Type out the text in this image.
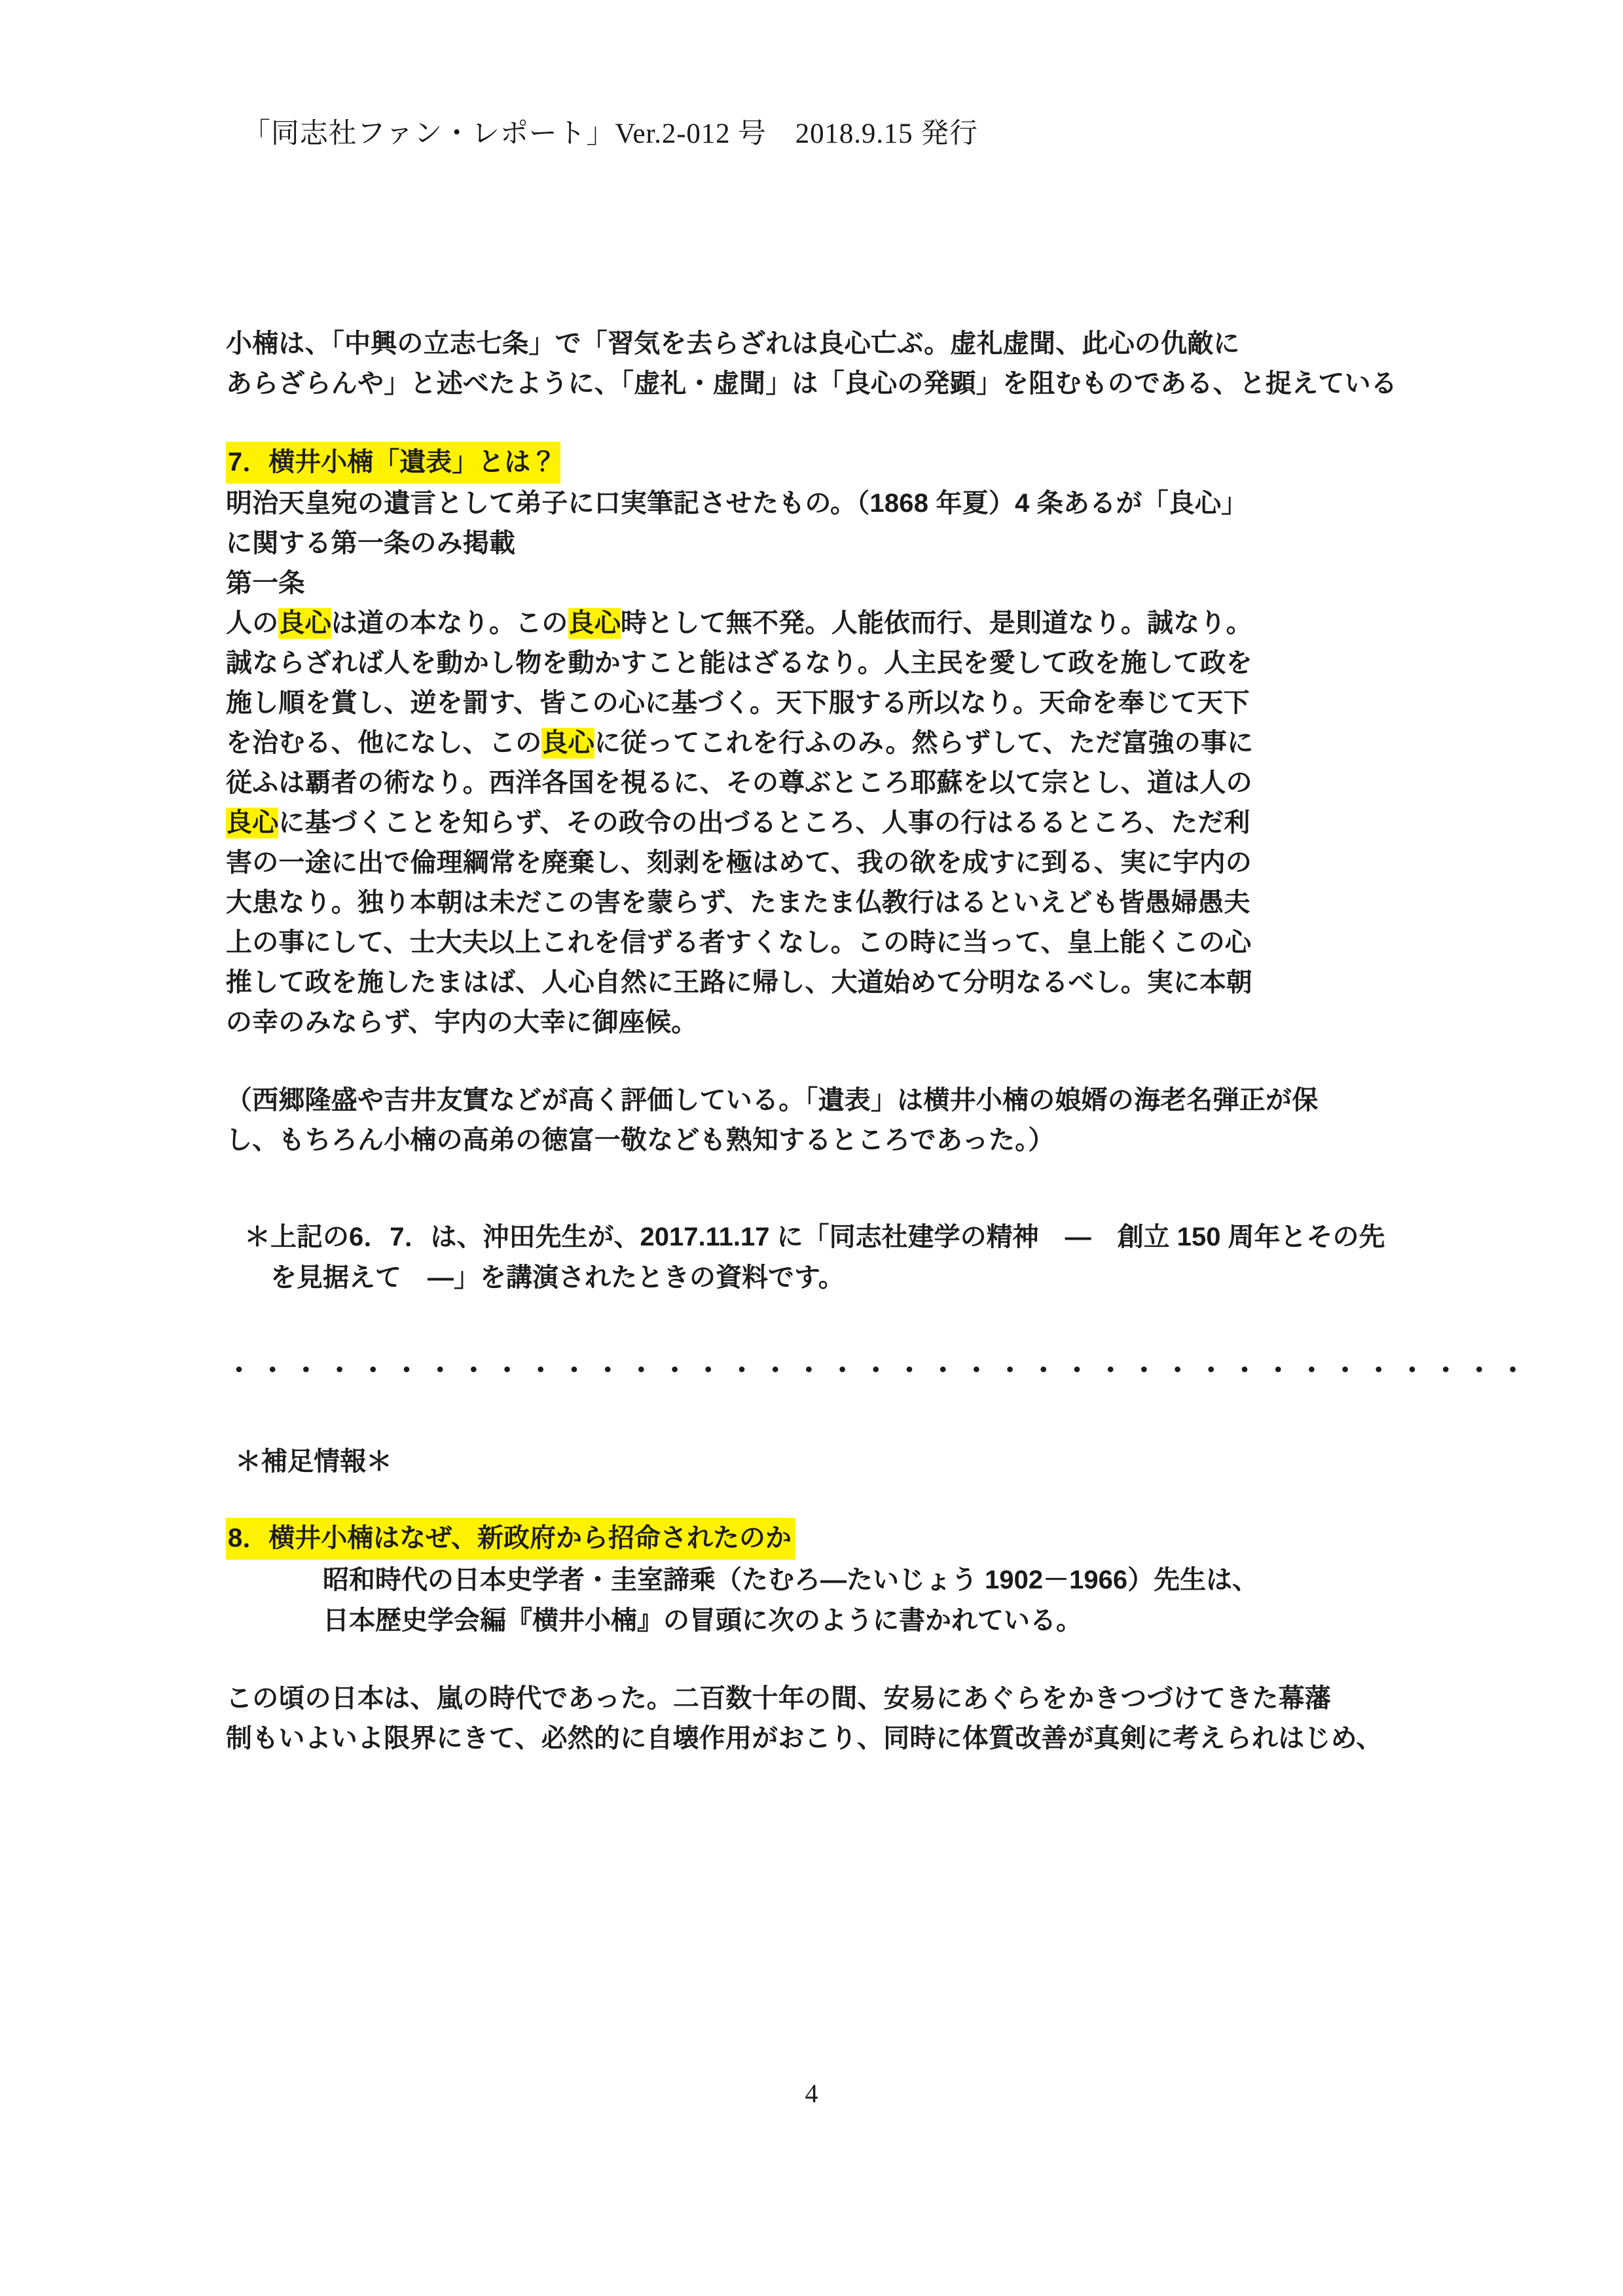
「同志社ファン・レポート」Ver.2-012 号　2018.9.15 発行

小楠は、「中興の立志七条」で「習気を去らざれは良心亡ぶ。虚礼虚聞、此心の仇敵に
あらざらんや」と述べたように、「虚礼・虚聞」は「良心の発顕」を阻むものである、と捉えている

7．横井小楠「遺表」とは？

明治天皇宛の遺言として弟子に口実筆記させたもの。（1868 年夏）4 条あるが「良心」
に関する第一条のみ掲載

第一条

人の良心は道の本なり。この良心時として無不発。人能依而行、是則道なり。誠なり。
誠ならざれば人を動かし物を動かすこと能はざるなり。人主民を愛して政を施して政を
施し順を賞し、逆を罰す、皆この心に基づく。天下服する所以なり。天命を奉じて天下
を治むる、他になし、この良心に従ってこれを行ふのみ。然らずして、ただ富強の事に
従ふは覇者の術なり。西洋各国を視るに、その尊ぶところ耶蘇を以て宗とし、道は人の
良心に基づくことを知らず、その政令の出づるところ、人事の行はるるところ、ただ利
害の一途に出で倫理綱常を廃棄し、刻剥を極はめて、我の欲を成すに到る、実に宇内の
大患なり。独り本朝は未だこの害を蒙らず、たまたま仏教行はるといえども皆愚婦愚夫
上の事にして、士大夫以上これを信ずる者すくなし。この時に当って、皇上能くこの心
推して政を施したまはば、人心自然に王路に帰し、大道始めて分明なるべし。実に本朝
の幸のみならず、宇内の大幸に御座候。

（西郷隆盛や吉井友實などが高く評価している。「遺表」は横井小楠の娘婿の海老名弾正が保
し、もちろん小楠の高弟の徳富一敬なども熟知するところであった。）

＊上記の6．7．は、沖田先生が、2017.11.17 に「同志社建学の精神　―　創立 150 周年とその先
を見据えて　―」を講演されたときの資料です。

・・・・・・・・・・・・・・・・・・・・・・・・・・・・・・・・・・・・・・・

＊補足情報＊

8．横井小楠はなぜ、新政府から招命されたのか

昭和時代の日本史学者・圭室諦乘（たむろ―たいじょう 1902－1966）先生は、
日本歴史学会編『横井小楠』の冒頭に次のように書かれている。

この頃の日本は、嵐の時代であった。二百数十年の間、安易にあぐらをかきつづけてきた幕藩
制もいよいよ限界にきて、必然的に自壊作用がおこり、同時に体質改善が真剣に考えられはじめ、

4
